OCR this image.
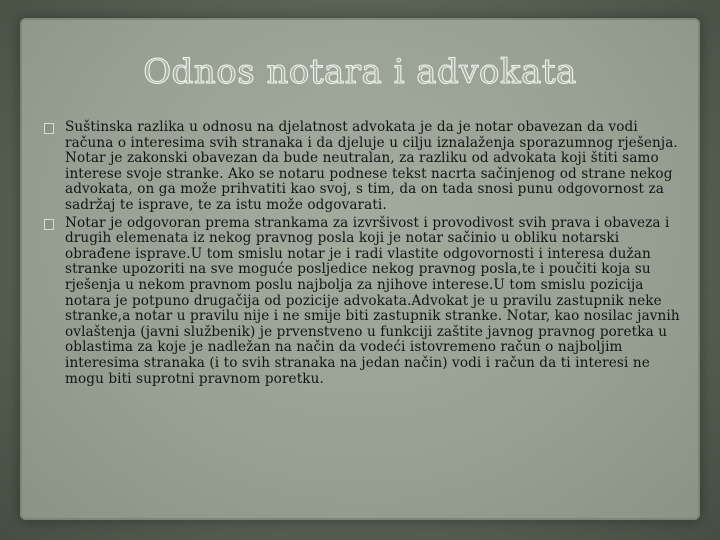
Odnos notara i advokata
Suštinska razlika u odnosu na djelatnost advokata je da je notar obavezan da vodi računa o interesima svih stranaka i da djeluje u cilju iznalaženja sporazumnog rješenja. Notar je zakonski obavezan da bude neutralan, za razliku od advokata koji štiti samo interese svoje stranke. Ako se notaru podnese tekst nacrta sačinjenog od strane nekog advokata, on ga može prihvatiti kao svoj, s tim, da on tada snosi punu odgovornost za sadržaj te isprave, te za istu može odgovarati.
Notar je odgovoran prema strankama za izvršivost i provodivost svih prava i obaveza i drugih elemenata iz nekog pravnog posla koji je notar sačinio u obliku notarski obrađene isprave.U tom smislu notar je i radi vlastite odgovornosti i interesa dužan stranke upozoriti na sve moguće posljedice nekog pravnog posla,te i poučiti koja su rješenja u nekom pravnom poslu najbolja za njihove interese.U tom smislu pozicija notara je potpuno drugačija od pozicije advokata.Advokat je u pravilu zastupnik neke stranke,a notar u pravilu nije i ne smije biti zastupnik stranke. Notar, kao nosilac javnih ovlaštenja (javni službenik) je prvenstveno u funkciji zaštite javnog pravnog poretka u oblastima za koje je nadležan na način da vodeći istovremeno račun o najboljim interesima stranaka (i to svih stranaka na jedan način) vodi i račun da ti interesi ne mogu biti suprotni pravnom poretku.
